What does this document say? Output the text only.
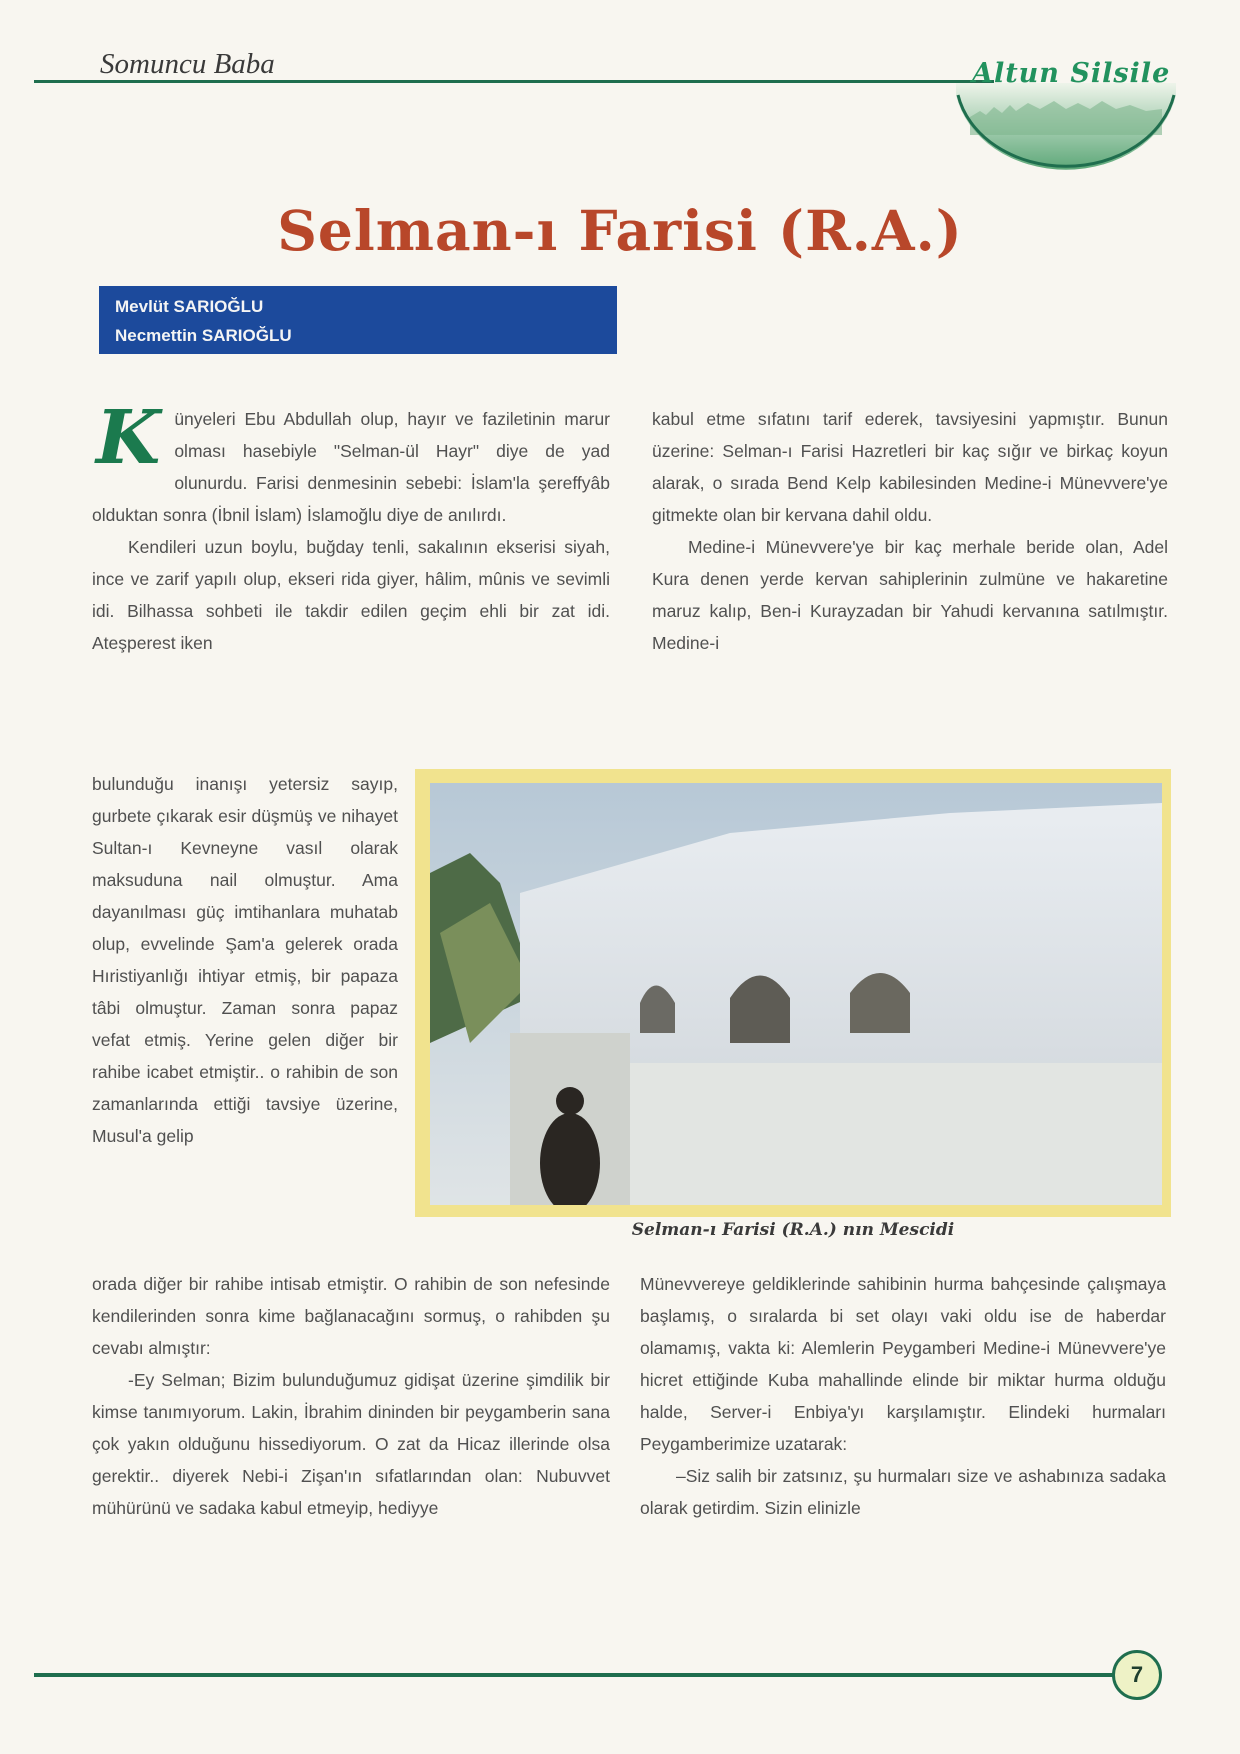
Somuncu Baba	Altun Silsile
Selman-ı Farisi (R.A.)
Mevlüt SARIOĞLU
Necmettin SARIOĞLU

Künyeleri Ebu Abdullah olup, hayır ve faziletinin marur olması hasebiyle "Selman-ül Hayr" diye de yad olunurdu. Farisi denmesinin sebebi: İslam'la şereffyâb olduktan sonra (İbnil İslam) İslamoğlu diye de anılırdı.

Kendileri uzun boylu, buğday tenli, sakalının ekserisi siyah, ince ve zarif yapılı olup, ekseri rida giyer, hâlim, mûnis ve sevimli idi. Bilhassa sohbeti ile takdir edilen geçim ehli bir zat idi. Ateşperest iken

kabul etme sıfatını tarif ederek, tavsiyesini yapmıştır. Bunun üzerine: Selman-ı Farisi Hazretleri bir kaç sığır ve birkaç koyun alarak, o sırada Bend Kelp kabilesinden Medine-i Münevvere'ye gitmekte olan bir kervana dahil oldu.

Medine-i Münevvere'ye bir kaç merhale beride olan, Adel Kura denen yerde kervan sahiplerinin zulmüne ve hakaretine maruz kalıp, Ben-i Kurayzadan bir Yahudi kervanına satılmıştır. Medine-i

bulunduğu inanışı yetersiz sayıp, gurbete çıkarak esir düşmüş ve nihayet Sultan-ı Kevneyne vasıl olarak maksuduna nail olmuştur. Ama dayanılması güç imtihanlara muhatab olup, evvelinde Şam'a gelerek orada Hıristiyanlığı ihtiyar etmiş, bir papaza tâbi olmuştur. Zaman sonra papaz vefat etmiş. Yerine gelen diğer bir rahibe icabet etmiştir.. o rahibin de son zamanlarında ettiği tavsiye üzerine, Musul'a gelip

Selman-ı Farisi (R.A.) nın Mescidi

orada diğer bir rahibe intisab etmiştir. O rahibin de son nefesinde kendilerinden sonra kime bağlanacağını sormuş, o rahibden şu cevabı almıştır:

-Ey Selman; Bizim bulunduğumuz gidişat üzerine şimdilik bir kimse tanımıyorum. Lakin, İbrahim dininden bir peygamberin sana çok yakın olduğunu hissediyorum. O zat da Hicaz illerinde olsa gerektir.. diyerek Nebi-i Zişan'ın sıfatlarından olan: Nubuvvet mühürünü ve sadaka kabul etmeyip, hediyye

Münevvereye geldiklerinde sahibinin hurma bahçesinde çalışmaya başlamış, o sıralarda bi set olayı vaki oldu ise de haberdar olamamış, vakta ki: Alemlerin Peygamberi Medine-i Münevvere'ye hicret ettiğinde Kuba mahallinde elinde bir miktar hurma olduğu halde, Server-i Enbiya'yı karşılamıştır. Elindeki hurmaları Peygamberimize uzatarak:

–Siz salih bir zatsınız, şu hurmaları size ve ashabınıza sadaka olarak getirdim. Sizin elinizle

7
